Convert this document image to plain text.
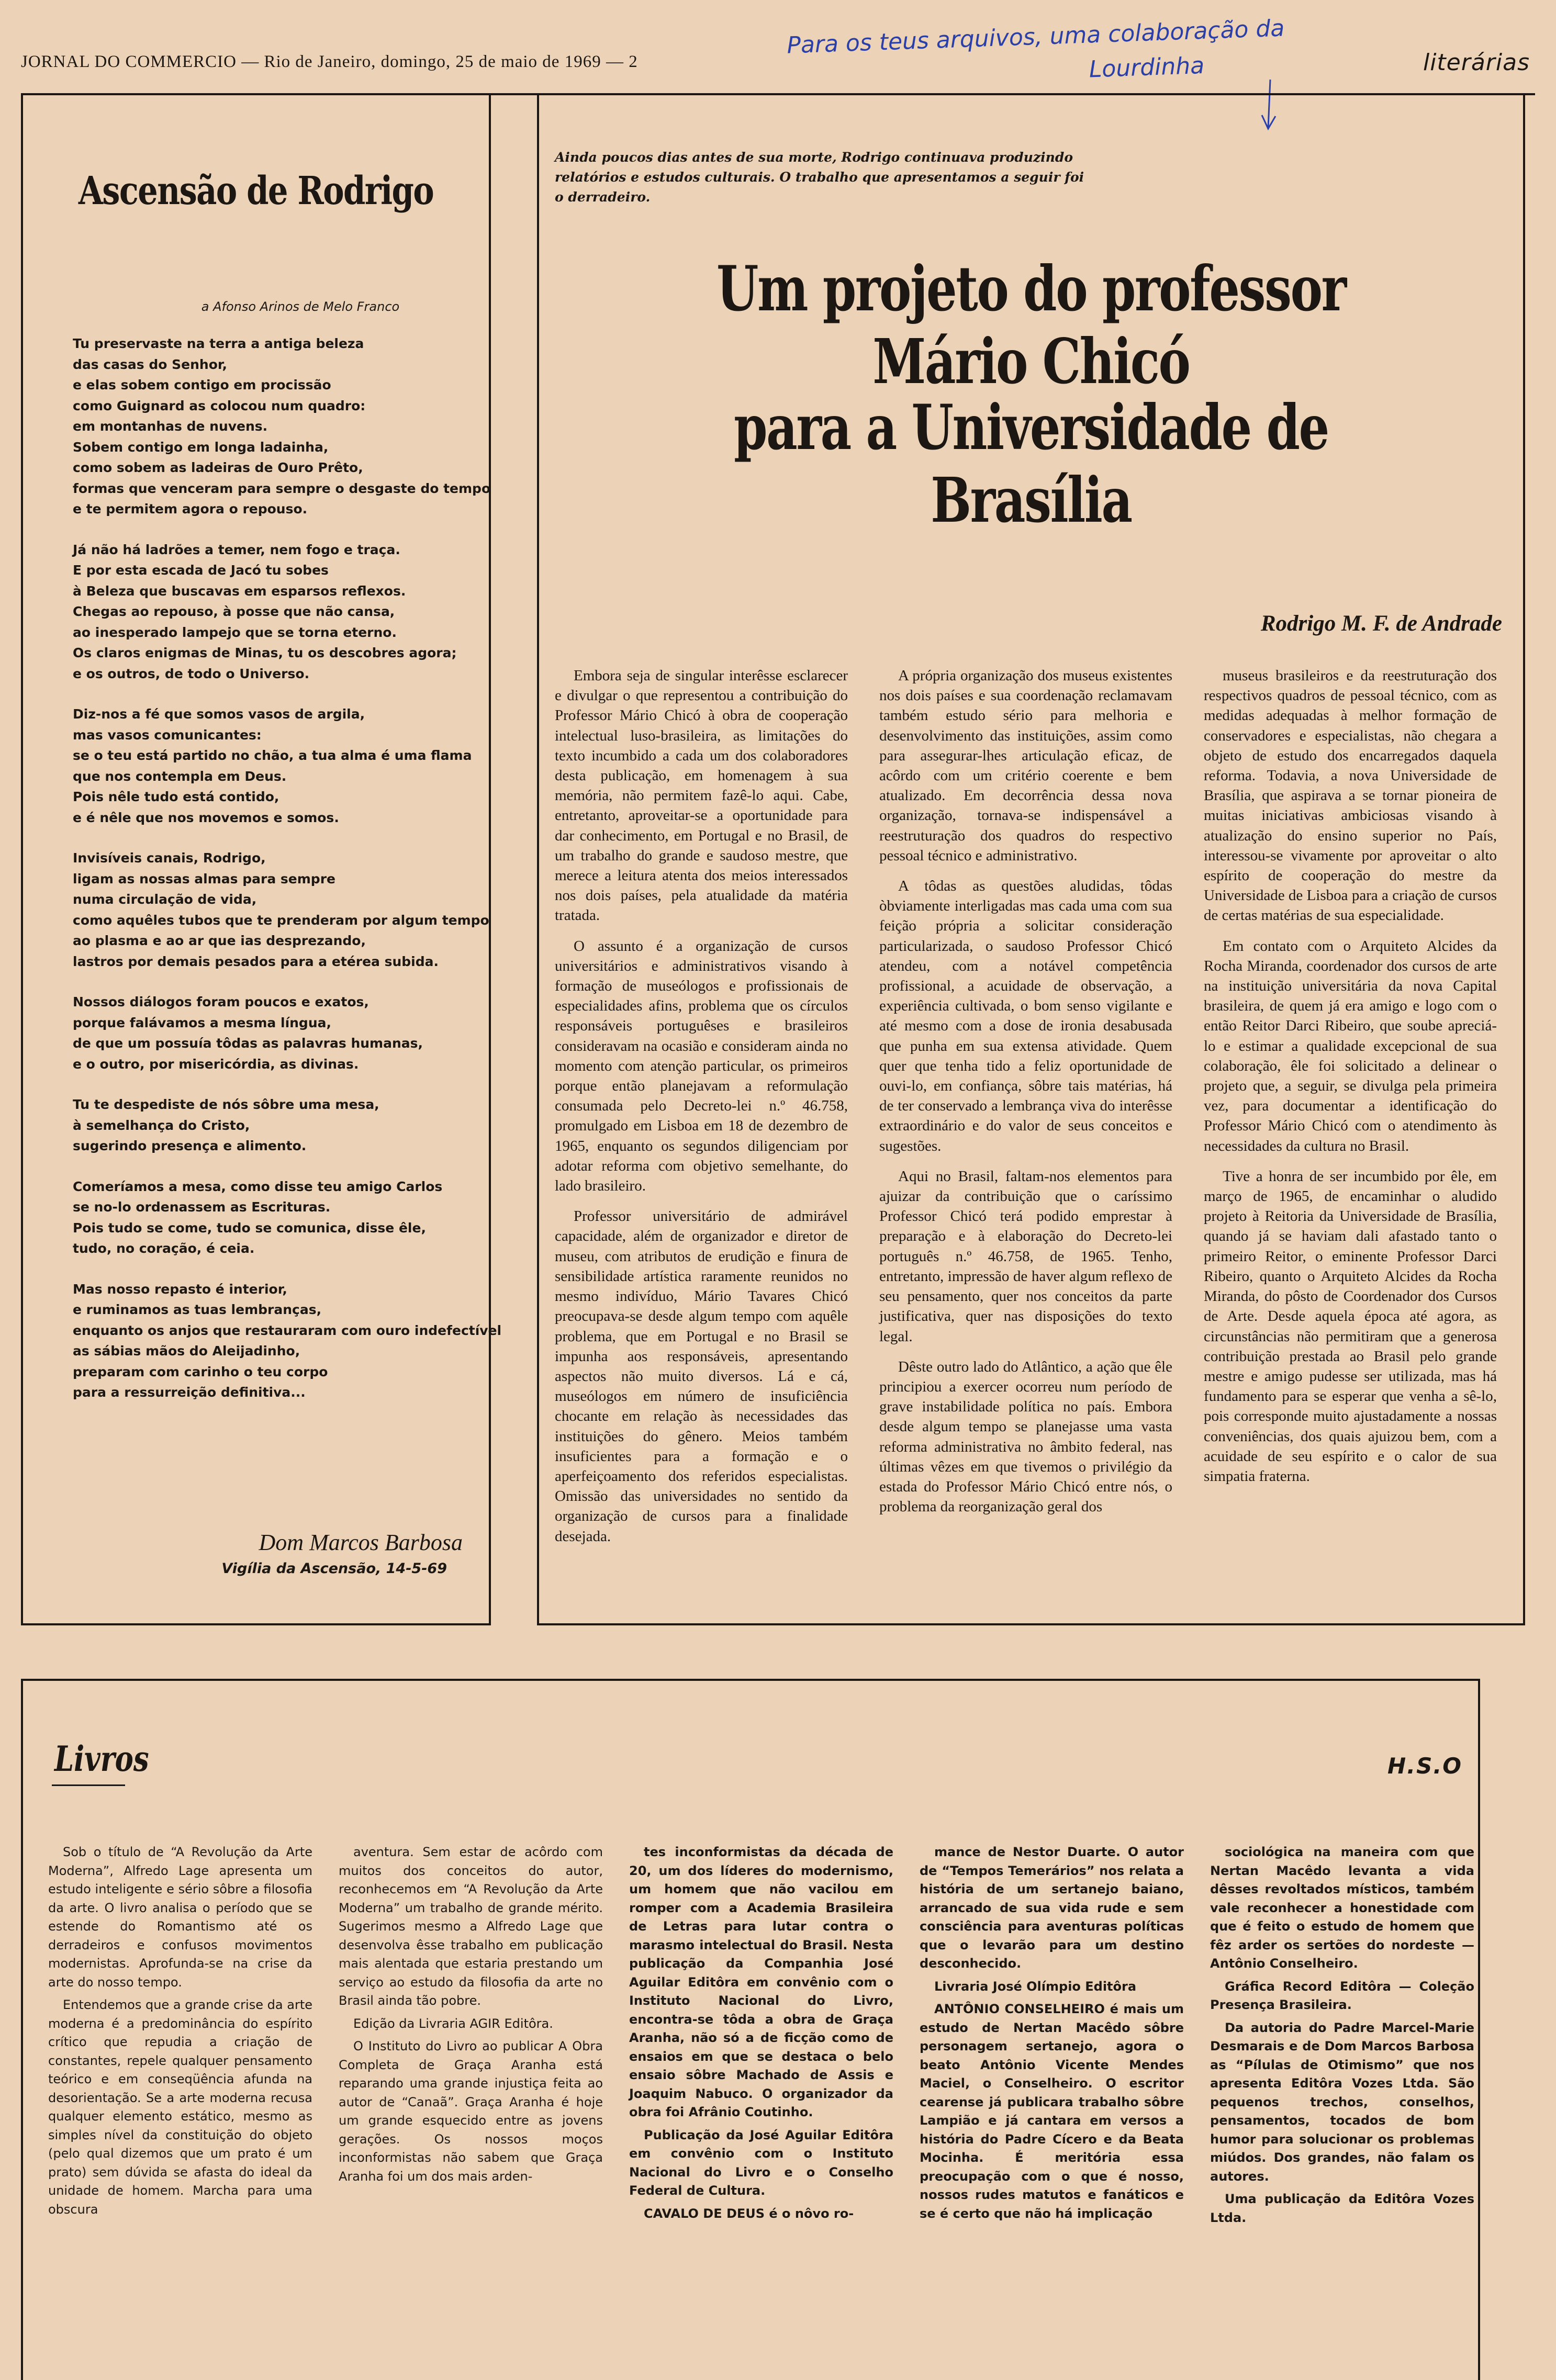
JORNAL DO COMMERCIO — Rio de Janeiro, domingo, 25 de maio de 1969 — 2	literárias
Para os teus arquivos, uma colaboração da
Lourdinha
Ascensão de Rodrigo
a Afonso Arinos de Melo Franco
Tu preservaste na terra a antiga beleza
das casas do Senhor,
e elas sobem contigo em procissão
como Guignard as colocou num quadro:
em montanhas de nuvens.
Sobem contigo em longa ladainha,
como sobem as ladeiras de Ouro Prêto,
formas que venceram para sempre o desgaste do tempo
e te permitem agora o repouso.
Já não há ladrões a temer, nem fogo e traça.
E por esta escada de Jacó tu sobes
à Beleza que buscavas em esparsos reflexos.
Chegas ao repouso, à posse que não cansa,
ao inesperado lampejo que se torna eterno.
Os claros enigmas de Minas, tu os descobres agora;
e os outros, de todo o Universo.
Diz-nos a fé que somos vasos de argila,
mas vasos comunicantes:
se o teu está partido no chão, a tua alma é uma flama
que nos contempla em Deus.
Pois nêle tudo está contido,
e é nêle que nos movemos e somos.
Invisíveis canais, Rodrigo,
ligam as nossas almas para sempre
numa circulação de vida,
como aquêles tubos que te prenderam por algum tempo
ao plasma e ao ar que ias desprezando,
lastros por demais pesados para a etérea subida.
Nossos diálogos foram poucos e exatos,
porque falávamos a mesma língua,
de que um possuía tôdas as palavras humanas,
e o outro, por misericórdia, as divinas.
Tu te despediste de nós sôbre uma mesa,
à semelhança do Cristo,
sugerindo presença e alimento.
Comeríamos a mesa, como disse teu amigo Carlos
se no-lo ordenassem as Escrituras.
Pois tudo se come, tudo se comunica, disse êle,
tudo, no coração, é ceia.
Mas nosso repasto é interior,
e ruminamos as tuas lembranças,
enquanto os anjos que restauraram com ouro indefectível
as sábias mãos do Aleijadinho,
preparam com carinho o teu corpo
para a ressurreição definitiva...
Dom Marcos Barbosa
Vigília da Ascensão, 14-5-69
Ainda poucos dias antes de sua morte, Rodrigo continuava produzindo relatórios e estudos culturais. O trabalho que apresentamos a seguir foi o derradeiro.
Um projeto do professor Mário Chicó
para a Universidade de Brasília
Rodrigo M. F. de Andrade

Embora seja de singular interêsse esclarecer e divulgar o que representou a contribuição do Professor Mário Chicó à obra de cooperação intelectual luso-brasileira, as limitações do texto incumbido a cada um dos colaboradores desta publicação, em homenagem à sua memória, não permitem fazê-lo aqui. Cabe, entretanto, aproveitar-se a oportunidade para dar conhecimento, em Portugal e no Brasil, de um trabalho do grande e saudoso mestre, que merece a leitura atenta dos meios interessados nos dois países, pela atualidade da matéria tratada.

O assunto é a organização de cursos universitários e administrativos visando à formação de museólogos e profissionais de especialidades afins, problema que os círculos responsáveis portuguêses e brasileiros consideravam na ocasião e consideram ainda no momento com atenção particular, os primeiros porque então planejavam a reformulação consumada pelo Decreto-lei n.º 46.758, promulgado em Lisboa em 18 de dezembro de 1965, enquanto os segundos diligenciam por adotar reforma com objetivo semelhante, do lado brasileiro.

Professor universitário de admirável capacidade, além de organizador e diretor de museu, com atributos de erudição e finura de sensibilidade artística raramente reunidos no mesmo indivíduo, Mário Tavares Chicó preocupava-se desde algum tempo com aquêle problema, que em Portugal e no Brasil se impunha aos responsáveis, apresentando aspectos não muito diversos. Lá e cá, museólogos em número de insuficiência chocante em relação às necessidades das instituições do gênero. Meios também insuficientes para a formação e o aperfeiçoamento dos referidos especialistas. Omissão das universidades no sentido da organização de cursos para a finalidade desejada.

A própria organização dos museus existentes nos dois países e sua coordenação reclamavam também estudo sério para melhoria e desenvolvimento das instituições, assim como para assegurar-lhes articulação eficaz, de acôrdo com um critério coerente e bem atualizado. Em decorrência dessa nova organização, tornava-se indispensável a reestruturação dos quadros do respectivo pessoal técnico e administrativo.

A tôdas as questões aludidas, tôdas òbviamente interligadas mas cada uma com sua feição própria a solicitar consideração particularizada, o saudoso Professor Chicó atendeu, com a notável competência profissional, a acuidade de observação, a experiência cultivada, o bom senso vigilante e até mesmo com a dose de ironia desabusada que punha em sua extensa atividade. Quem quer que tenha tido a feliz oportunidade de ouvi-lo, em confiança, sôbre tais matérias, há de ter conservado a lembrança viva do interêsse extraordinário e do valor de seus conceitos e sugestões.

Aqui no Brasil, faltam-nos elementos para ajuizar da contribuição que o caríssimo Professor Chicó terá podido emprestar à preparação e à elaboração do Decreto-lei português n.º 46.758, de 1965. Tenho, entretanto, impressão de haver algum reflexo de seu pensamento, quer nos conceitos da parte justificativa, quer nas disposições do texto legal.

Dêste outro lado do Atlântico, a ação que êle principiou a exercer ocorreu num período de grave instabilidade política no país. Embora desde algum tempo se planejasse uma vasta reforma administrativa no âmbito federal, nas últimas vêzes em que tivemos o privilégio da estada do Professor Mário Chicó entre nós, o problema da reorganização geral dos

museus brasileiros e da reestruturação dos respectivos quadros de pessoal técnico, com as medidas adequadas à melhor formação de conservadores e especialistas, não chegara a objeto de estudo dos encarregados daquela reforma. Todavia, a nova Universidade de Brasília, que aspirava a se tornar pioneira de muitas iniciativas ambiciosas visando à atualização do ensino superior no País, interessou-se vivamente por aproveitar o alto espírito de cooperação do mestre da Universidade de Lisboa para a criação de cursos de certas matérias de sua especialidade.

Em contato com o Arquiteto Alcides da Rocha Miranda, coordenador dos cursos de arte na instituição universitária da nova Capital brasileira, de quem já era amigo e logo com o então Reitor Darci Ribeiro, que soube apreciá-lo e estimar a qualidade excepcional de sua colaboração, êle foi solicitado a delinear o projeto que, a seguir, se divulga pela primeira vez, para documentar a identificação do Professor Mário Chicó com o atendimento às necessidades da cultura no Brasil.

Tive a honra de ser incumbido por êle, em março de 1965, de encaminhar o aludido projeto à Reitoria da Universidade de Brasília, quando já se haviam dali afastado tanto o primeiro Reitor, o eminente Professor Darci Ribeiro, quanto o Arquiteto Alcides da Rocha Miranda, do pôsto de Coordenador dos Cursos de Arte. Desde aquela época até agora, as circunstâncias não permitiram que a generosa contribuição prestada ao Brasil pelo grande mestre e amigo pudesse ser utilizada, mas há fundamento para se esperar que venha a sê-lo, pois corresponde muito ajustadamente a nossas conveniências, dos quais ajuizou bem, com a acuidade de seu espírito e o calor de sua simpatia fraterna.

Livros	H.S.O

Sob o título de “A Revolução da Arte Moderna”, Alfredo Lage apresenta um estudo inteligente e sério sôbre a filosofia da arte. O livro analisa o período que se estende do Romantismo até os derradeiros e confusos movimentos modernistas. Aprofunda-se na crise da arte do nosso tempo.

Entendemos que a grande crise da arte moderna é a predominância do espírito crítico que repudia a criação de constantes, repele qualquer pensamento teórico e em conseqüência afunda na desorientação. Se a arte moderna recusa qualquer elemento estático, mesmo as simples nível da constituição do objeto (pelo qual dizemos que um prato é um prato) sem dúvida se afasta do ideal da unidade de homem. Marcha para uma obscura

aventura. Sem estar de acôrdo com muitos dos conceitos do autor, reconhecemos em “A Revolução da Arte Moderna” um trabalho de grande mérito. Sugerimos mesmo a Alfredo Lage que desenvolva êsse trabalho em publicação mais alentada que estaria prestando um serviço ao estudo da filosofia da arte no Brasil ainda tão pobre.

Edição da Livraria AGIR Editôra.

O Instituto do Livro ao publicar A Obra Completa de Graça Aranha está reparando uma grande injustiça feita ao autor de “Canaã”. Graça Aranha é hoje um grande esquecido entre as jovens gerações. Os nossos moços inconformistas não sabem que Graça Aranha foi um dos mais arden-

tes inconformistas da década de 20, um dos líderes do modernismo, um homem que não vacilou em romper com a Academia Brasileira de Letras para lutar contra o marasmo intelectual do Brasil. Nesta publicação da Companhia José Aguilar Editôra em convênio com o Instituto Nacional do Livro, encontra-se tôda a obra de Graça Aranha, não só a de ficção como de ensaios em que se destaca o belo ensaio sôbre Machado de Assis e Joaquim Nabuco. O organizador da obra foi Afrânio Coutinho.

Publicação da José Aguilar Editôra em convênio com o Instituto Nacional do Livro e o Conselho Federal de Cultura.

CAVALO DE DEUS é o nôvo ro-

mance de Nestor Duarte. O autor de “Tempos Temerários” nos relata a história de um sertanejo baiano, arrancado de sua vida rude e sem consciência para aventuras políticas que o levarão para um destino desconhecido.

Livraria José Olímpio Editôra

ANTÔNIO CONSELHEIRO é mais um estudo de Nertan Macêdo sôbre personagem sertanejo, agora o beato Antônio Vicente Mendes Maciel, o Conselheiro. O escritor cearense já publicara trabalho sôbre Lampião e já cantara em versos a história do Padre Cícero e da Beata Mocinha. É meritória essa preocupação com o que é nosso, nossos rudes matutos e fanáticos e se é certo que não há implicação

sociológica na maneira com que Nertan Macêdo levanta a vida dêsses revoltados místicos, também vale reconhecer a honestidade com que é feito o estudo de homem que fêz arder os sertões do nordeste — Antônio Conselheiro.

Gráfica Record Editôra — Coleção Presença Brasileira.

Da autoria do Padre Marcel-Marie Desmarais e de Dom Marcos Barbosa as “Pílulas de Otimismo” que nos apresenta Editôra Vozes Ltda. São pequenos trechos, conselhos, pensamentos, tocados de bom humor para solucionar os problemas miúdos. Dos grandes, não falam os autores.

Uma publicação da Editôra Vozes Ltda.
